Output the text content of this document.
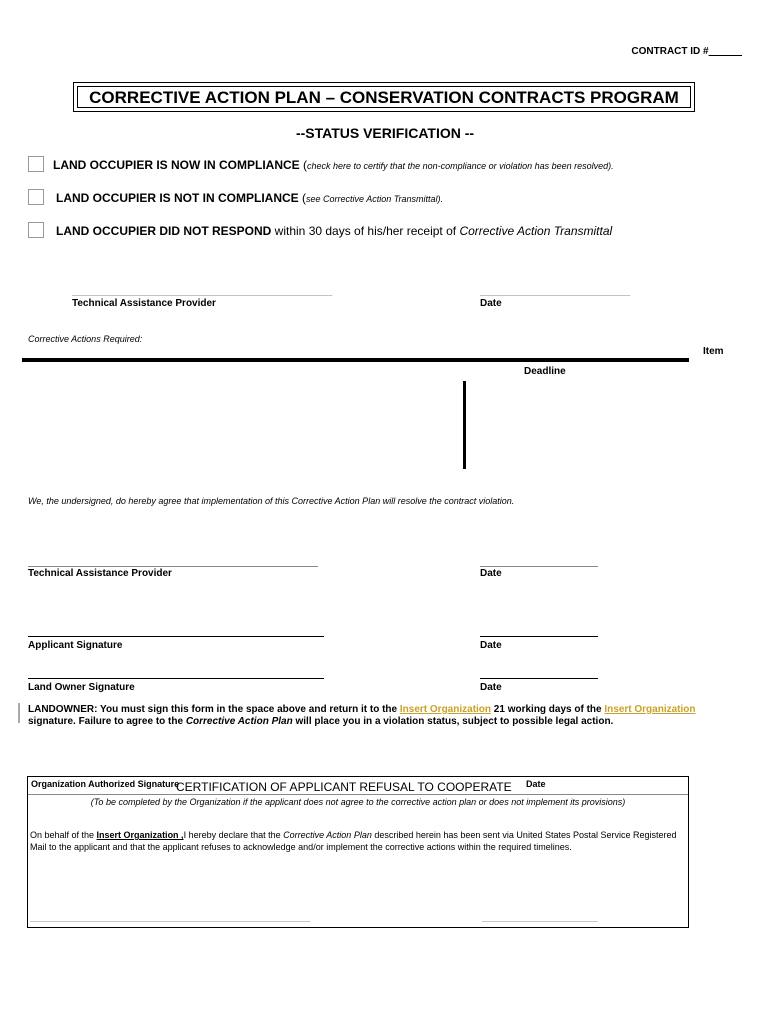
CONTRACT ID #______
CORRECTIVE ACTION PLAN – CONSERVATION CONTRACTS PROGRAM
--STATUS VERIFICATION --
LAND OCCUPIER IS NOW IN COMPLIANCE (check here to certify that the non-compliance or violation has been resolved).
LAND OCCUPIER IS NOT IN COMPLIANCE (see Corrective Action Transmittal).
LAND OCCUPIER DID NOT RESPOND within 30 days of his/her receipt of Corrective Action Transmittal
____________________________________________________
Technical Assistance Provider
______________________________
Date
Corrective Actions Required:
Item
Deadline
We, the undersigned, do hereby agree that implementation of this Corrective Action Plan will resolve the contract violation.
Technical Assistance Provider	Date
Applicant Signature	Date
Land Owner Signature	Date
LANDOWNER: You must sign this form in the space above and return it to the Insert Organization 21 working days of the Insert Organization
signature. Failure to agree to the Corrective Action Plan will place you in a violation status, subject to possible legal action.
Organization Authorized Signature	Date
CERTIFICATION OF APPLICANT REFUSAL TO COOPERATE
(To be completed by the Organization if the applicant does not agree to the corrective action plan or does not implement its provisions)
On behalf of the Insert Organization ,I hereby declare that the Corrective Action Plan described herein has been sent via United States Postal Service Registered Mail to the applicant and that the applicant refuses to acknowledge and/or implement the corrective actions within the required timelines.
_______________________________________________________________	__________________________
